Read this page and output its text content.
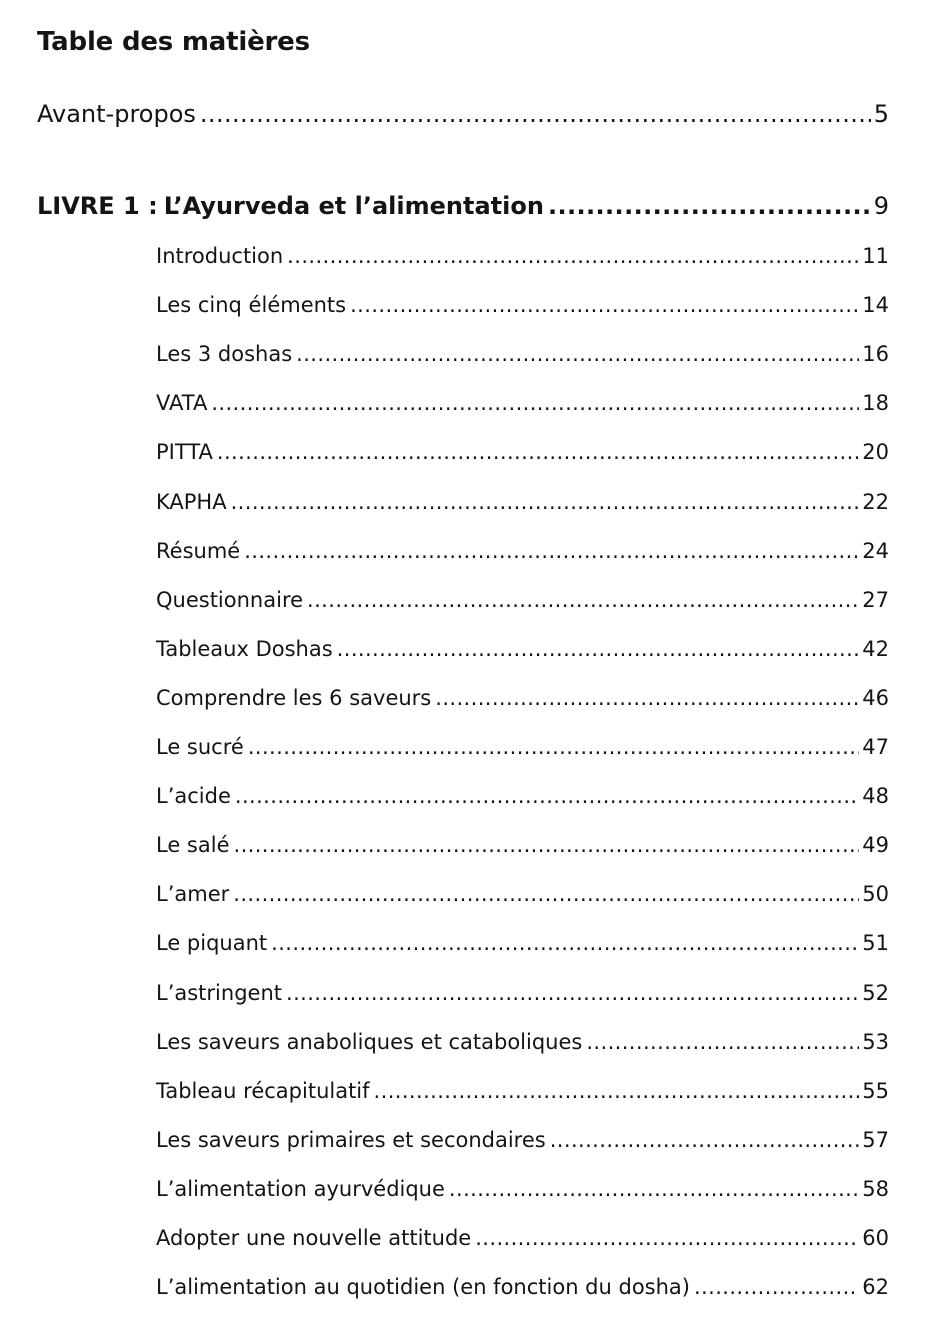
Table des matières
Avant-propos .....	5
LIVRE 1 : L’Ayurveda et l’alimentation .....	9
Introduction .....	11
Les cinq éléments .....	14
Les 3 doshas .....	16
VATA .....	18
PITTA .....	20
KAPHA .....	22
Résumé .....	24
Questionnaire .....	27
Tableaux Doshas .....	42
Comprendre les 6 saveurs .....	46
Le sucré .....	47
L’acide .....	48
Le salé .....	49
L’amer .....	50
Le piquant .....	51
L’astringent .....	52
Les saveurs anaboliques et cataboliques .....	53
Tableau récapitulatif .....	55
Les saveurs primaires et secondaires .....	57
L’alimentation ayurvédique .....	58
Adopter une nouvelle attitude .....	60
L’alimentation au quotidien (en fonction du dosha) .....	62
